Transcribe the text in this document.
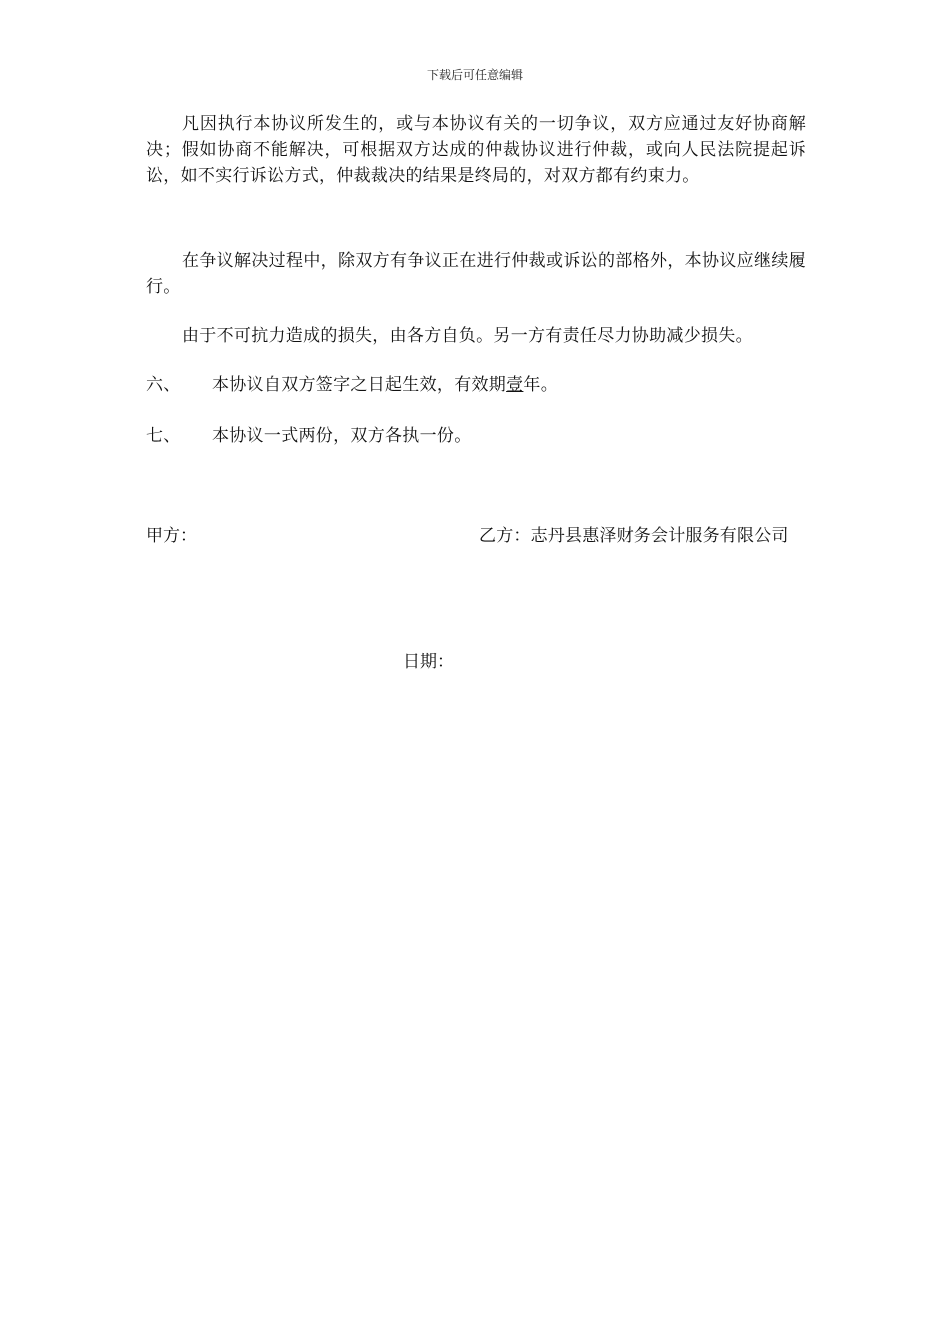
下载后可任意编辑

凡因执行本协议所发生的，或与本协议有关的一切争议，双方应通过友好协商解决；假如协商不能解决，可根据双方达成的仲裁协议进行仲裁，或向人民法院提起诉讼，如不实行诉讼方式，仲裁裁决的结果是终局的，对双方都有约束力。

在争议解决过程中，除双方有争议正在进行仲裁或诉讼的部格外，本协议应继续履行。

由于不可抗力造成的损失，由各方自负。另一方有责任尽力协助减少损失。

六、 本协议自双方签字之日起生效，有效期壹年。
七、 本协议一式两份，双方各执一份。
甲方：	乙方：志丹县惠泽财务会计服务有限公司
日期：
